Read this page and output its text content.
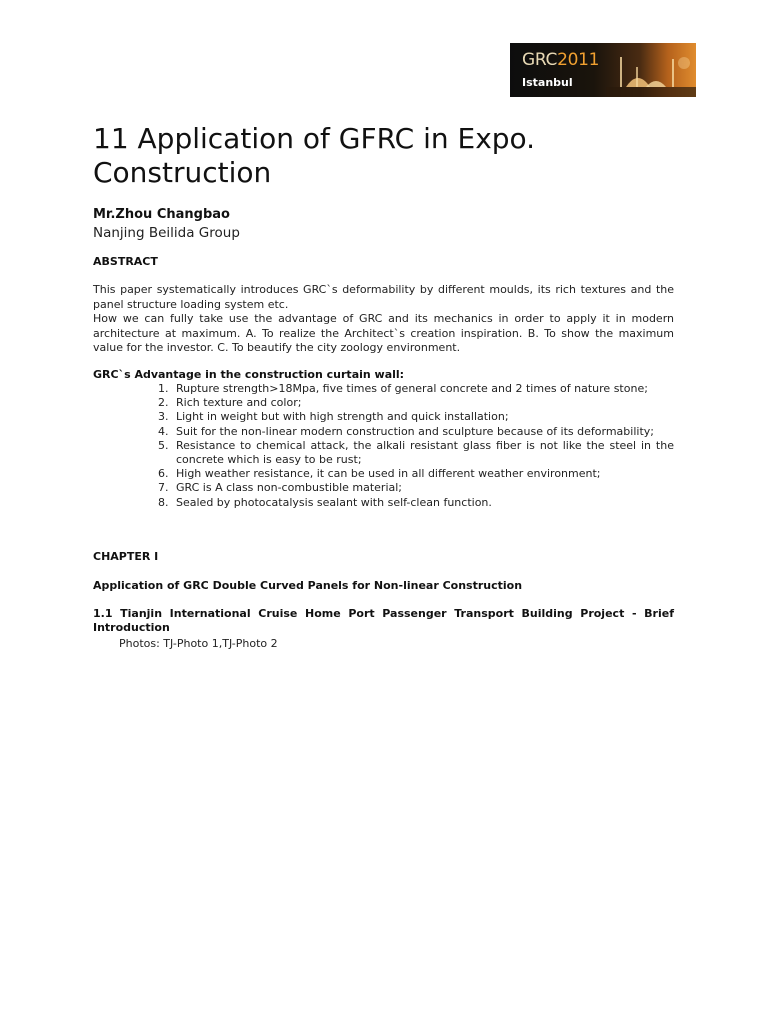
GRC2011
Istanbul
11 Application of GFRC in Expo. Construction
Mr.Zhou Changbao
Nanjing Beilida Group
ABSTRACT

This paper systematically introduces GRC`s deformability by different moulds, its rich textures and the panel structure loading system etc.

How we can fully take use the advantage of GRC and its mechanics in order to apply it in modern architecture at maximum. A. To realize the Architect`s creation inspiration. B. To show the maximum value for the investor. C. To beautify the city zoology environment.

GRC`s Advantage in the construction curtain wall:
1. Rupture strength>18Mpa, five times of general concrete and 2 times of nature stone;
2. Rich texture and color;
3. Light in weight but with high strength and quick installation;
4. Suit for the non-linear modern construction and sculpture because of its deformability;
5. Resistance to chemical attack, the alkali resistant glass fiber is not like the steel in the concrete which is easy to be rust;
6. High weather resistance, it can be used in all different weather environment;
7. GRC is A class non-combustible material;
8. Sealed by photocatalysis sealant with self-clean function.
CHAPTER I
Application of GRC Double Curved Panels for Non-linear Construction
1.1 Tianjin International Cruise Home Port Passenger Transport Building Project - Brief Introduction
Photos: TJ-Photo 1,TJ-Photo 2
